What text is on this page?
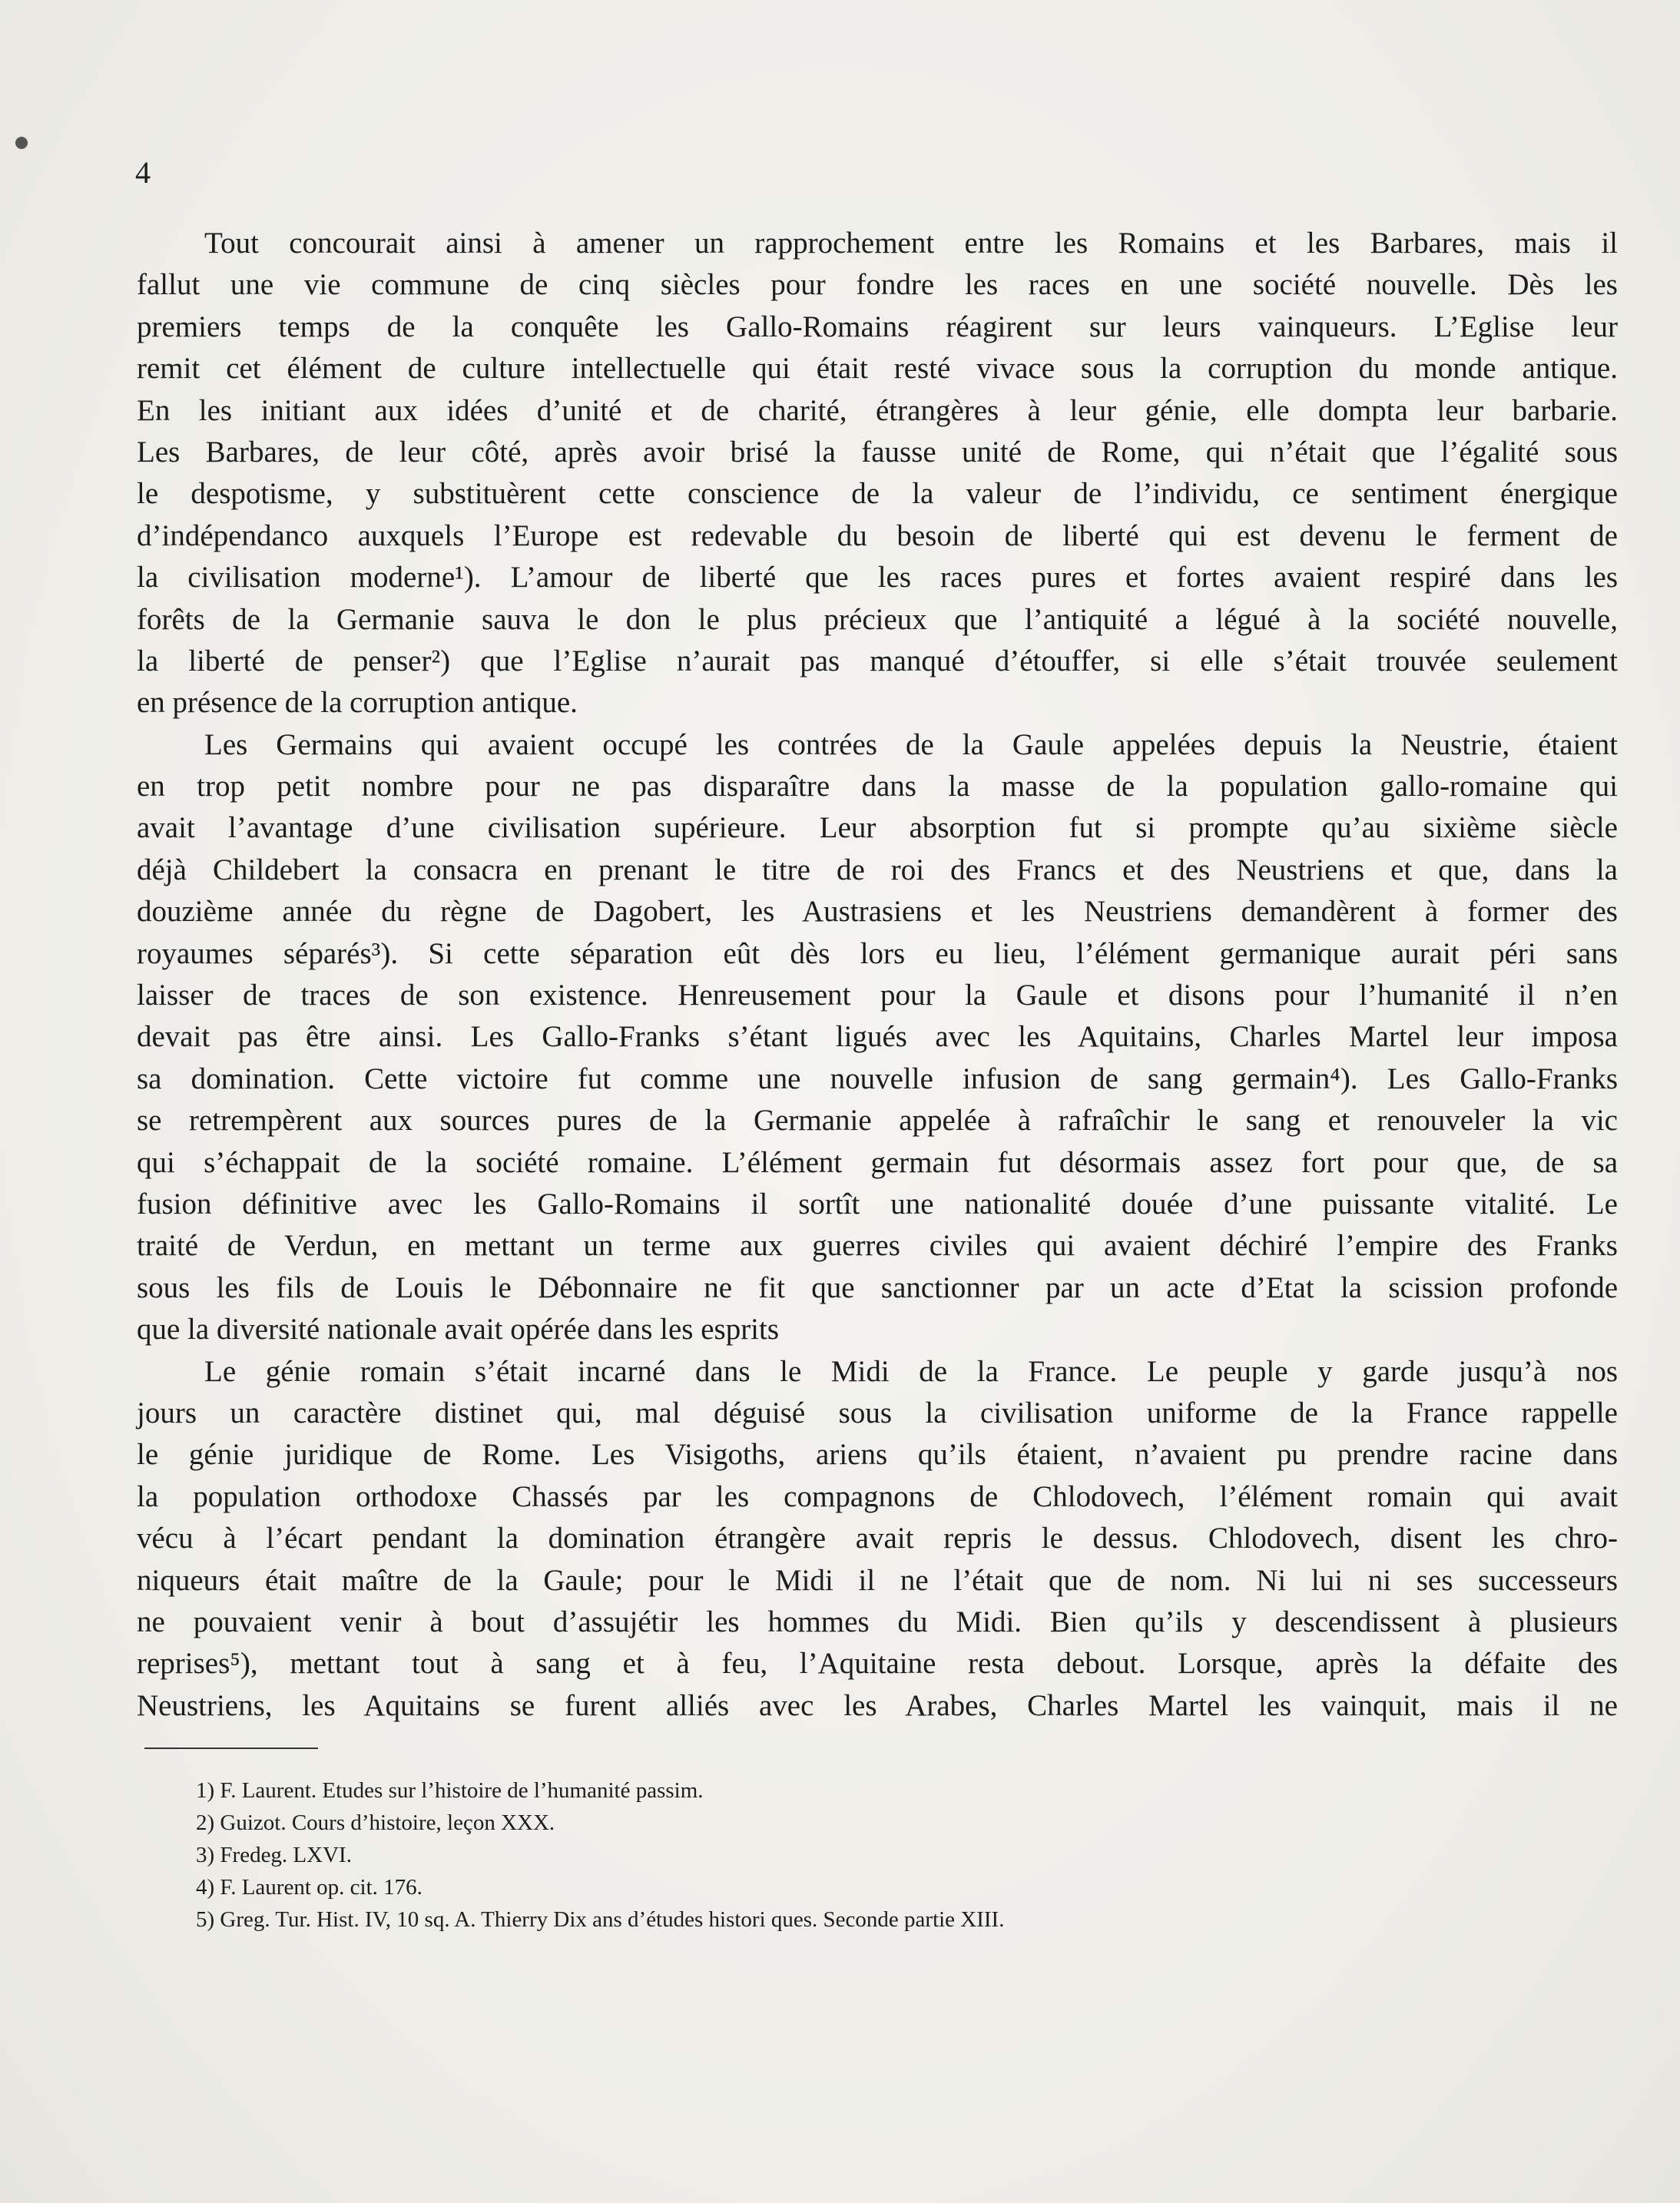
4
Tout concourait ainsi à amener un rapprochement entre les Romains et les Barbares, mais il
fallut une vie commune de cinq siècles pour fondre les races en une société nouvelle. Dès les
premiers temps de la conquête les Gallo-Romains réagirent sur leurs vainqueurs. L’Eglise leur
remit cet élément de culture intellectuelle qui était resté vivace sous la corruption du monde antique.
En les initiant aux idées d’unité et de charité, étrangères à leur génie, elle dompta leur barbarie.
Les Barbares, de leur côté, après avoir brisé la fausse unité de Rome, qui n’était que l’égalité sous
le despotisme, y substituèrent cette conscience de la valeur de l’individu, ce sentiment énergique
d’indépendanco auxquels l’Europe est redevable du besoin de liberté qui est devenu le ferment de
la civilisation moderne¹). L’amour de liberté que les races pures et fortes avaient respiré dans les
forêts de la Germanie sauva le don le plus précieux que l’antiquité a légué à la société nouvelle,
la liberté de penser²) que l’Eglise n’aurait pas manqué d’étouffer, si elle s’était trouvée seulement
en présence de la corruption antique.
Les Germains qui avaient occupé les contrées de la Gaule appelées depuis la Neustrie, étaient
en trop petit nombre pour ne pas disparaître dans la masse de la population gallo-romaine qui
avait l’avantage d’une civilisation supérieure. Leur absorption fut si prompte qu’au sixième siècle
déjà Childebert la consacra en prenant le titre de roi des Francs et des Neustriens et que, dans la
douzième année du règne de Dagobert, les Austrasiens et les Neustriens demandèrent à former des
royaumes séparés³). Si cette séparation eût dès lors eu lieu, l’élément germanique aurait péri sans
laisser de traces de son existence. Henreusement pour la Gaule et disons pour l’humanité il n’en
devait pas être ainsi. Les Gallo-Franks s’étant ligués avec les Aquitains, Charles Martel leur imposa
sa domination. Cette victoire fut comme une nouvelle infusion de sang germain⁴). Les Gallo-Franks
se retrempèrent aux sources pures de la Germanie appelée à rafraîchir le sang et renouveler la vic
qui s’échappait de la société romaine. L’élément germain fut désormais assez fort pour que, de sa
fusion définitive avec les Gallo-Romains il sortît une nationalité douée d’une puissante vitalité. Le
traité de Verdun, en mettant un terme aux guerres civiles qui avaient déchiré l’empire des Franks
sous les fils de Louis le Débonnaire ne fit que sanctionner par un acte d’Etat la scission profonde
que la diversité nationale avait opérée dans les esprits
Le génie romain s’était incarné dans le Midi de la France. Le peuple y garde jusqu’à nos
jours un caractère distinet qui, mal déguisé sous la civilisation uniforme de la France rappelle
le génie juridique de Rome. Les Visigoths, ariens qu’ils étaient, n’avaient pu prendre racine dans
la population orthodoxe Chassés par les compagnons de Chlodovech, l’élément romain qui avait
vécu à l’écart pendant la domination étrangère avait repris le dessus. Chlodovech, disent les chro-
niqueurs était maître de la Gaule; pour le Midi il ne l’était que de nom. Ni lui ni ses successeurs
ne pouvaient venir à bout d’assujétir les hommes du Midi. Bien qu’ils y descendissent à plusieurs
reprises⁵), mettant tout à sang et à feu, l’Aquitaine resta debout. Lorsque, après la défaite des
Neustriens, les Aquitains se furent alliés avec les Arabes, Charles Martel les vainquit, mais il ne
1) F. Laurent. Etudes sur l’histoire de l’humanité passim.
2) Guizot. Cours d’histoire, leçon XXX.
3) Fredeg. LXVI.
4) F. Laurent op. cit. 176.
5) Greg. Tur. Hist. IV, 10 sq. A. Thierry Dix ans d’études histori ques. Seconde partie XIII.
